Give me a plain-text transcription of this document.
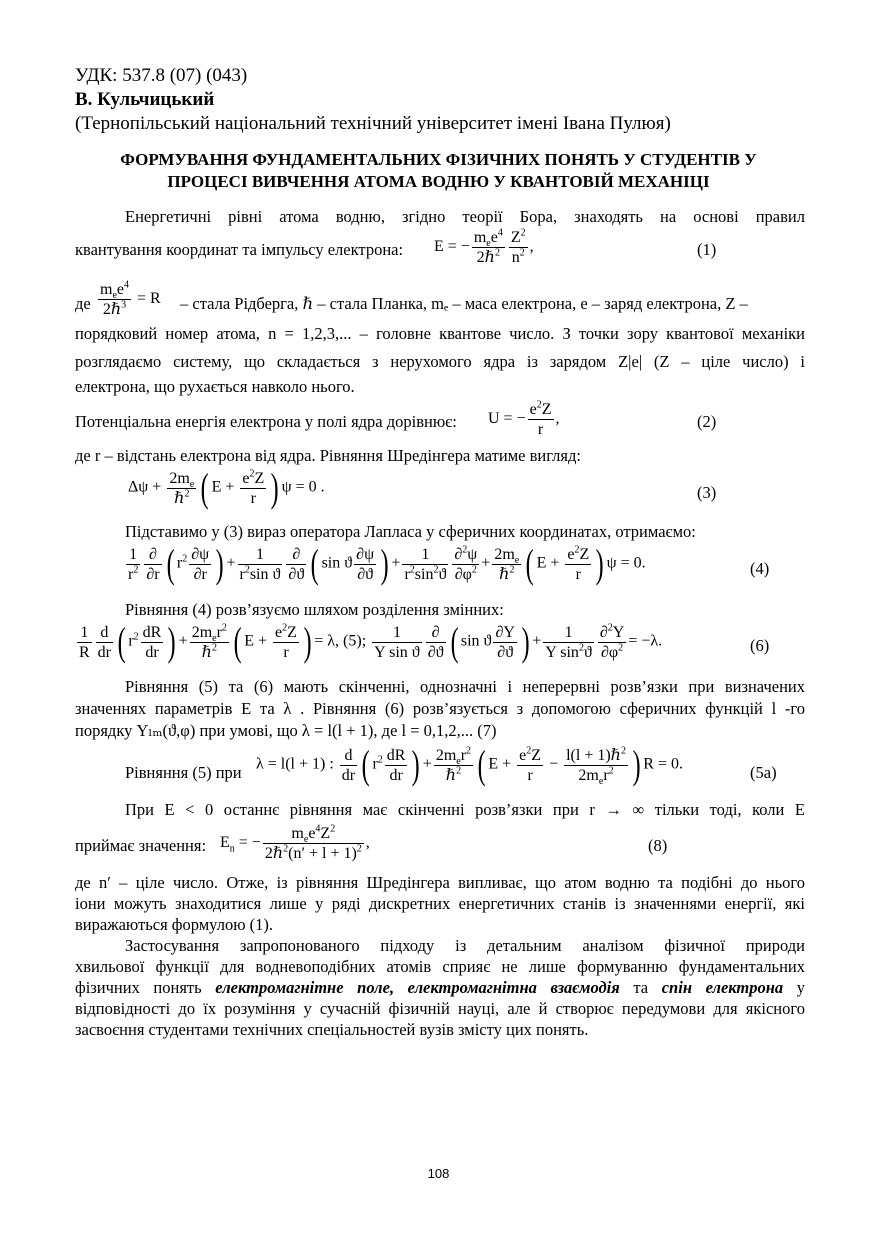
УДК: 537.8 (07) (043)
В. Кульчицький
(Тернопільський національний технічний університет імені Івана Пулюя)
ФОРМУВАННЯ ФУНДАМЕНТАЛЬНИХ ФІЗИЧНИХ ПОНЯТЬ У СТУДЕНТІВ У
ПРОЦЕСІ ВИВЧЕННЯ АТОМА ВОДНЮ У КВАНТОВІЙ МЕХАНІЦІ
Енергетичні рівні атома водню, згідно теорії Бора, знаходять на основі правил
квантування координат та імпульсу електрона: E = − $\frac{m_ee^4}{2\hbar^2} \frac{Z^2}{n^2}$ ,	(1)
де $\frac{m_ee^4}{2\hbar^3} = R$ – стала Рідберга, ℏ – стала Планка, mₑ – маса електрона, e – заряд електрона, Z –
порядковий номер атома, n = 1,2,3,... – головне квантове число. З точки зору квантової механіки
розглядаємо систему, що складається з нерухомого ядра із зарядом Z|e| (Z – ціле число) і
електрона, що рухається навколо нього.
Потенціальна енергія електрона у полі ядра дорівнює: U = − $\frac{e^2Z}{r}$ ,	(2)
де r – відстань електрона від ядра. Рівняння Шредінгера матиме вигляд:
$\Delta\psi + \frac{2m_e}{\hbar^2}$ ( $E + \frac{e^2Z}{r}$ ) ψ = 0 .	(3)
Підставимо у (3) вираз оператора Лапласа у сферичних координатах, отримаємо:
$\frac{1}{r^2} \frac{\partial}{\partial r}$ ( $r^2 \frac{\partial\psi}{\partial r}$ ) + $\frac{1}{r^2\sin ϑ} \frac{\partial}{\partial ϑ}$ ( sin ϑ $\frac{\partial\psi}{\partial ϑ}$ ) + $\frac{1}{r^2\sin^2ϑ} \frac{\partial^2\psi}{\partial\varphi^2} + \frac{2m_e}{\hbar^2}$ ( $E + \frac{e^2Z}{r}$ ) ψ = 0.	(4)
Рівняння (4) розв’язуємо шляхом розділення змінних:
$\frac{1}{R} \frac{d}{dr}$ ( $r^2 \frac{dR}{dr}$ ) + $\frac{2m_er^2}{\hbar^2}$ ( $E + \frac{e^2Z}{r}$ ) = λ, (5); $\frac{1}{\text{Y sin ϑ}} \frac{\partial}{\partial ϑ}$ ( sin ϑ $\frac{\partial Y}{\partial ϑ}$ ) + $\frac{1}{Y \sin^2ϑ} \frac{\partial^2Y}{\partial\varphi^2} = -\lambda$.	(6)
Рівняння (5) та (6) мають скінченні, однозначні і неперервні розв’язки при визначених
значеннях параметрів E та λ . Рівняння (6) розв’язується з допомогою сферичних функцій l -го
порядку Yₗₘ(ϑ,φ) при умові, що λ = l(l + 1), де l = 0,1,2,... (7)
Рівняння (5) при λ = l(l + 1) : $\frac{d}{dr}$ ( $r^2 \frac{dR}{dr}$ ) + $\frac{2m_er^2}{\hbar^2}$ ( $E + \frac{e^2Z}{r} - \frac{l(l + 1)\hbar^2}{2m_er^2}$ ) R = 0.	(5a)
При E < 0 останнє рівняння має скінченні розв’язки при r → ∞ тільки тоді, коли E
приймає значення: $E_n$ = − $\frac{m_ee^4Z^2}{2\hbar^2(n' + l + 1)^2}$ ,	(8)
де n′ – ціле число. Отже, із рівняння Шредінгера випливає, що атом водню та подібні до нього
іони можуть знаходитися лише у ряді дискретних енергетичних станів із значеннями енергії, які
виражаються формулою (1).
Застосування запропонованого підходу із детальним аналізом фізичної природи
хвильової функції для водневоподібних атомів сприяє не лише формуванню фундаментальних
фізичних понять електромагнітне поле, електромагнітна взаємодія та спін електрона у
відповідності до їх розуміння у сучасній фізичній науці, але й створює передумови для якісного
засвоєння студентами технічних спеціальностей вузів змісту цих понять.
108
